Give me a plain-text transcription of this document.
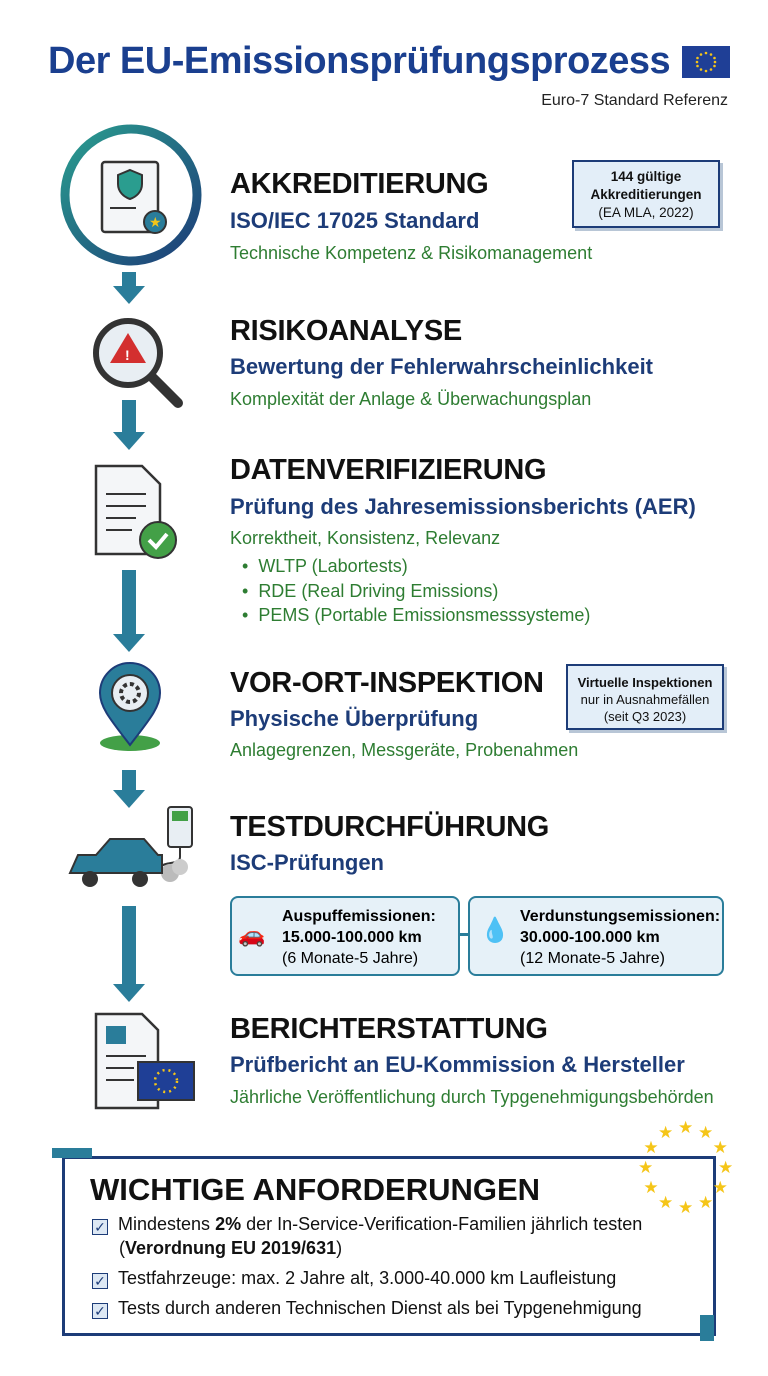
Der EU-Emissionsprüfungsprozess
Euro-7 Standard Referenz
★
AKKREDITIERUNG
ISO/IEC 17025 Standard
Technische Kompetenz & Risikomanagement
144 gültige
Akkreditierungen
(EA MLA, 2022)
!
RISIKOANALYSE
Bewertung der Fehlerwahrscheinlichkeit
Komplexität der Anlage & Überwachungsplan
DATENVERIFIZIERUNG
Prüfung des Jahresemissionsberichts (AER)
Korrektheit, Konsistenz, Relevanz
• WLTP (Labortests)
• RDE (Real Driving Emissions)
• PEMS (Portable Emissionsmesssysteme)
VOR-ORT-INSPEKTION
Physische Überprüfung
Anlagegrenzen, Messgeräte, Probenahmen
Virtuelle Inspektionen
nur in Ausnahmefällen
(seit Q3 2023)
TESTDURCHFÜHRUNG
ISC-Prüfungen
🚗
Auspuffemissionen:
15.000-100.000 km
(6 Monate-5 Jahre)
💧
Verdunstungsemissionen:
30.000-100.000 km
(12 Monate-5 Jahre)
BERICHTERSTATTUNG
Prüfbericht an EU-Kommission & Hersteller
Jährliche Veröffentlichung durch Typgenehmigungsbehörden
★ ★
★
★
★
★
★
★
★
★
★
★
WICHTIGE ANFORDERUNGEN
✓ Mindestens 2% der In-Service-Verification-Familien jährlich testen
(Verordnung EU 2019/631)
✓ Testfahrzeuge: max. 2 Jahre alt, 3.000-40.000 km Laufleistung
✓ Tests durch anderen Technischen Dienst als bei Typgenehmigung
